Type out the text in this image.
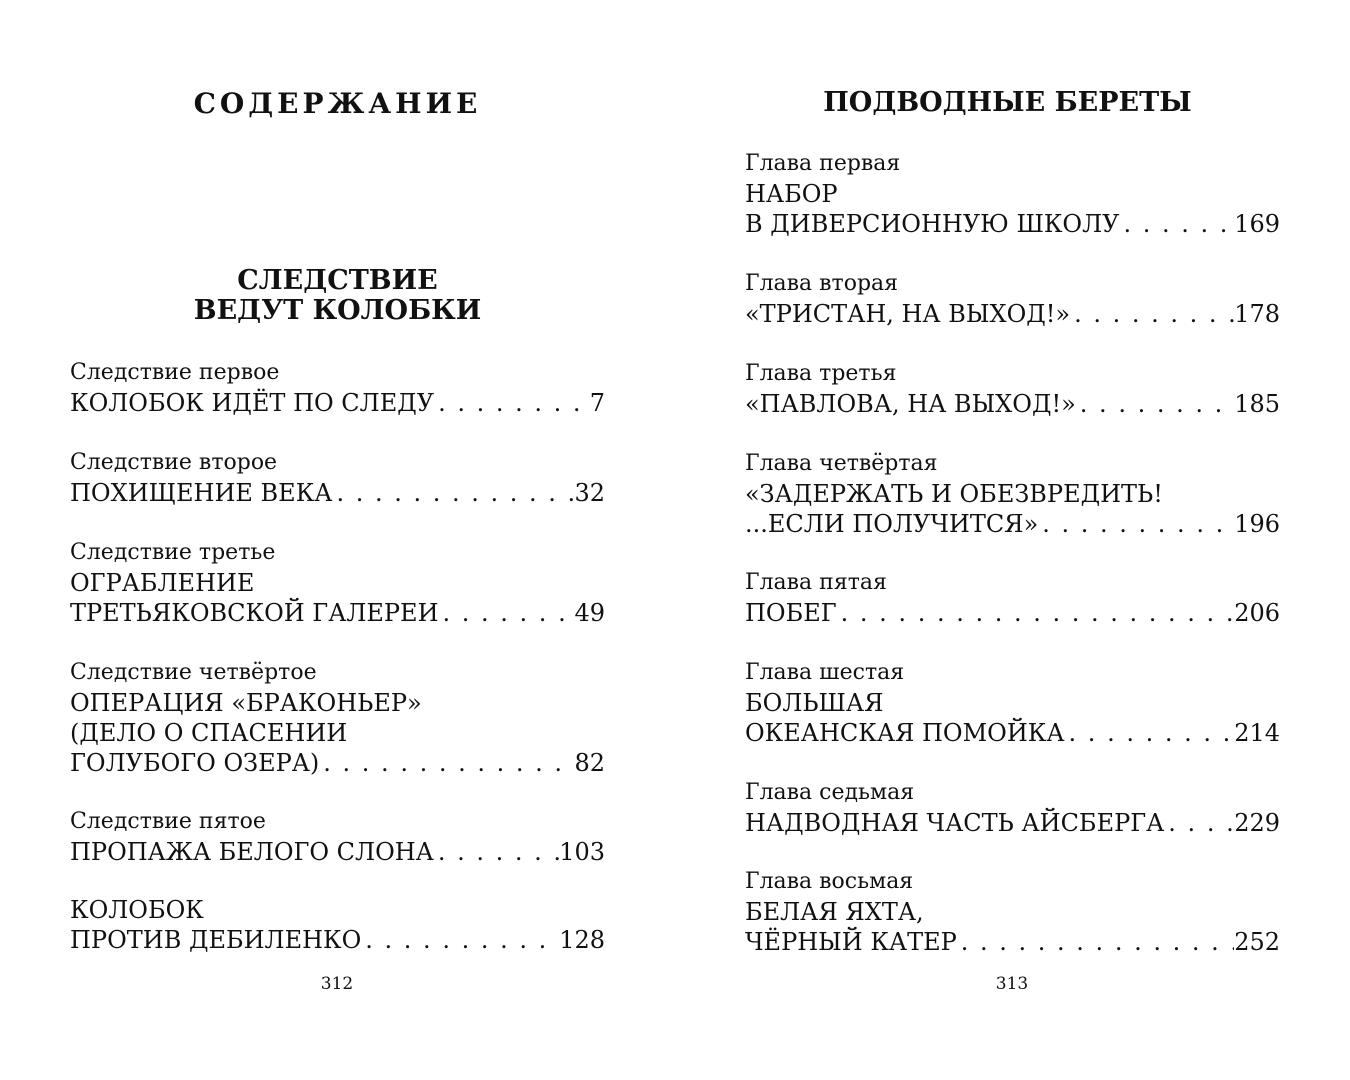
СОДЕРЖАНИЕ
СЛЕДСТВИЕ
ВЕДУТ КОЛОБКИ
Следствие первое
КОЛОБОК ИДЁТ ПО СЛЕДУ . . .	7
Следствие второе
ПОХИЩЕНИЕ ВЕКА . . .	32
Следствие третье
ОГРАБЛЕНИЕ
ТРЕТЬЯКОВСКОЙ ГАЛЕРЕИ . . .	49
Следствие четвёртое
ОПЕРАЦИЯ «БРАКОНЬЕР»
(ДЕЛО О СПАСЕНИИ
ГОЛУБОГО ОЗЕРА) . . .	82
Следствие пятое
ПРОПАЖА БЕЛОГО СЛОНА . . .	103
КОЛОБОК
ПРОТИВ ДЕБИЛЕНКО . . .	128
312
ПОДВОДНЫЕ БЕРЕТЫ
Глава первая
НАБОР
В ДИВЕРСИОННУЮ ШКОЛУ . . .	169
Глава вторая
«ТРИСТАН, НА ВЫХОД!» . . .	178
Глава третья
«ПАВЛОВА, НА ВЫХОД!» . . .	185
Глава четвёртая
«ЗАДЕРЖАТЬ И ОБЕЗВРЕДИТЬ!
...ЕСЛИ ПОЛУЧИТСЯ» . . .	196
Глава пятая
ПОБЕГ . . .	206
Глава шестая
БОЛЬШАЯ
ОКЕАНСКАЯ ПОМОЙКА . . .	214
Глава седьмая
НАДВОДНАЯ ЧАСТЬ АЙСБЕРГА . . .	229
Глава восьмая
БЕЛАЯ ЯХТА,
ЧЁРНЫЙ КАТЕР . . .	252
313
